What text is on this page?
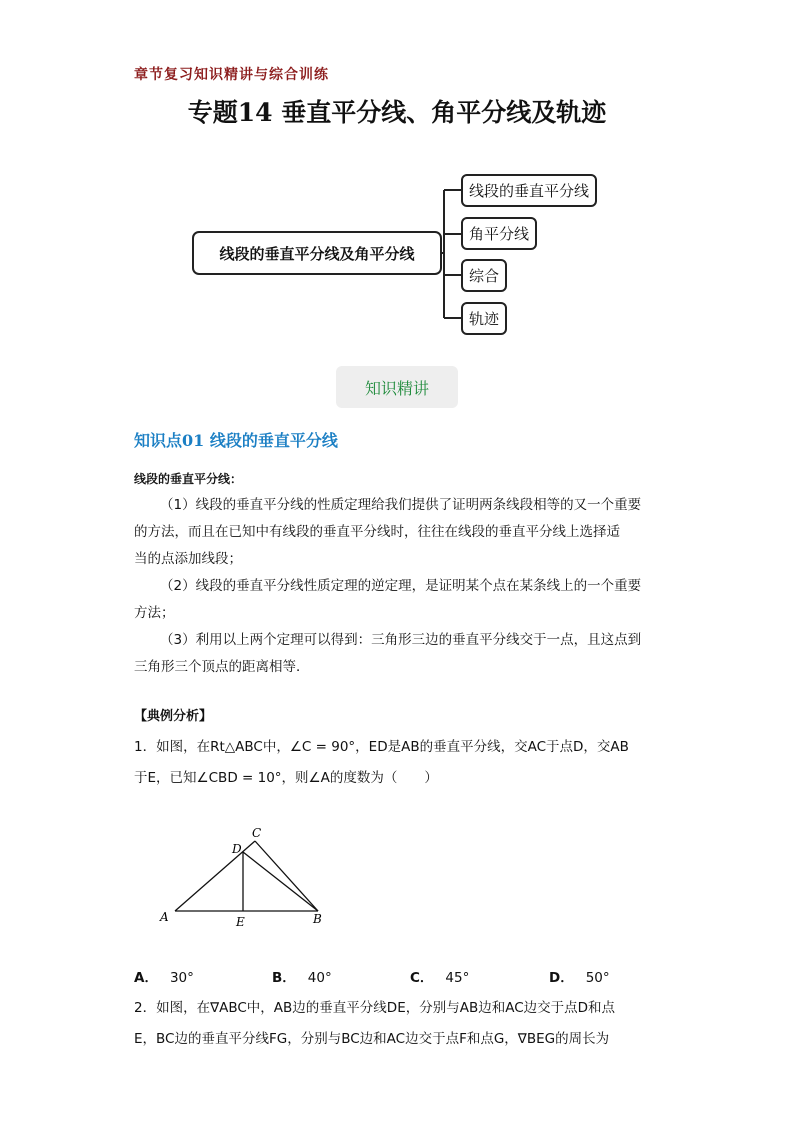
章节复习知识精讲与综合训练
专题14 垂直平分线、角平分线及轨迹
线段的垂直平分线及角平分线
线段的垂直平分线
角平分线
综合
轨迹
知识精讲
知识点01 线段的垂直平分线
线段的垂直平分线：
（1）线段的垂直平分线的性质定理给我们提供了证明两条线段相等的又一个重要
的方法，而且在已知中有线段的垂直平分线时，往往在线段的垂直平分线上选择适
当的点添加线段；
（2）线段的垂直平分线性质定理的逆定理，是证明某个点在某条线上的一个重要
方法；
（3）利用以上两个定理可以得到：三角形三边的垂直平分线交于一点，且这点到
三角形三个顶点的距离相等．
【典例分析】
1．如图，在Rt△ABC中，∠C = 90°，ED是AB的垂直平分线，交AC于点D，交AB
于E，已知∠CBD = 10°，则∠A的度数为（　　）
A	B
C
D
E
A． 30°	B． 40°	C． 45°	D． 50°
2．如图，在∇ABC中，AB边的垂直平分线DE，分别与AB边和AC边交于点D和点
E，BC边的垂直平分线FG，分别与BC边和AC边交于点F和点G，∇BEG的周长为
